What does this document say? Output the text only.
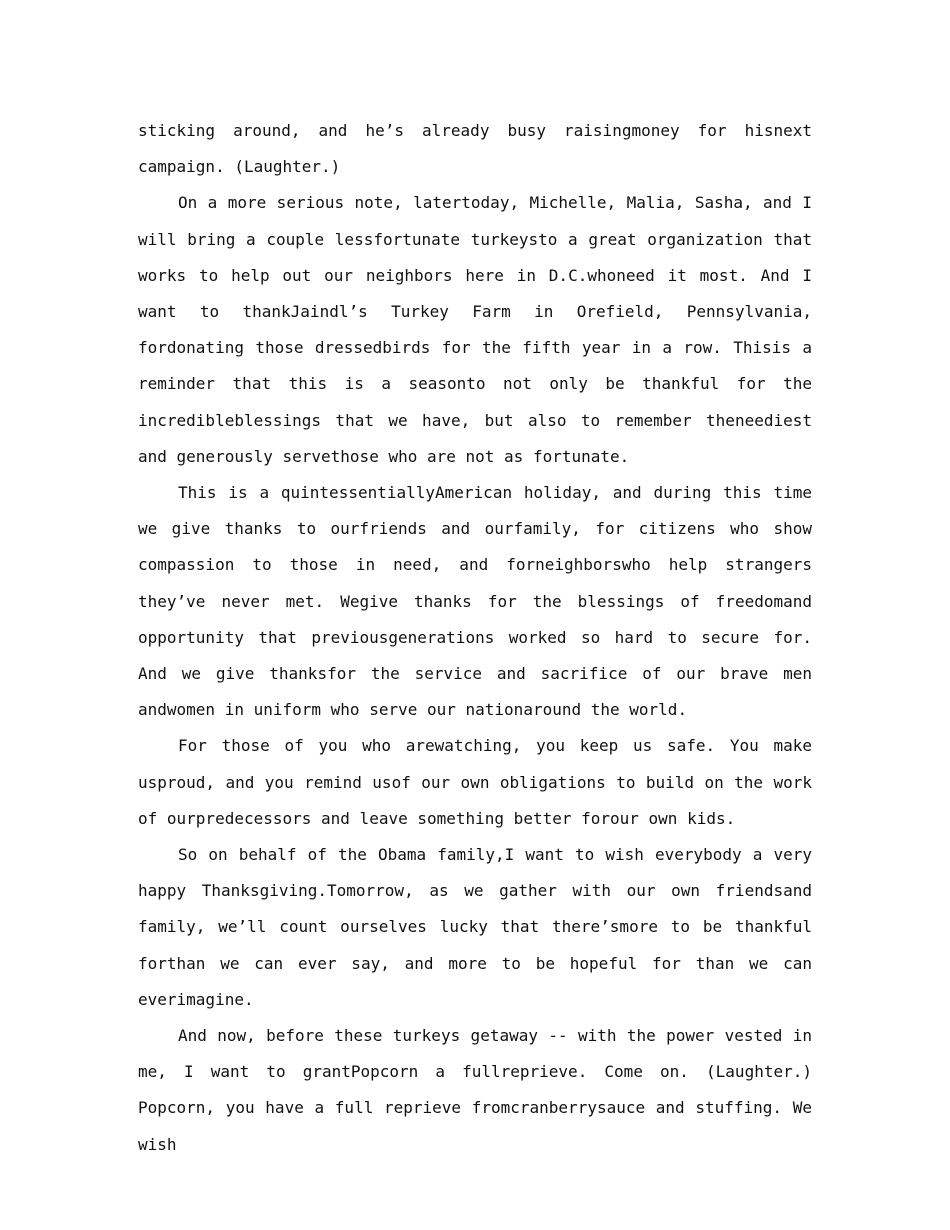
sticking around, and he’s already busy raisingmoney for hisnext campaign. (Laughter.)

On a more serious note, latertoday, Michelle, Malia, Sasha, and I will bring a couple lessfortunate turkeysto a great organization that works to help out our neighbors here in D.C.whoneed it most. And I want to thankJaindl’s Turkey Farm in Orefield, Pennsylvania, fordonating those dressedbirds for the fifth year in a row. Thisis a reminder that this is a seasonto not only be thankful for the incredibleblessings that we have, but also to remember theneediest and generously servethose who are not as fortunate.

This is a quintessentiallyAmerican holiday, and during this time we give thanks to ourfriends and ourfamily, for citizens who show compassion to those in need, and forneighborswho help strangers they’ve never met. Wegive thanks for the blessings of freedomand opportunity that previousgenerations worked so hard to secure for. And we give thanksfor the service and sacrifice of our brave men andwomen in uniform who serve our nationaround the world.

For those of you who arewatching, you keep us safe. You make usproud, and you remind usof our own obligations to build on the work of ourpredecessors and leave something better forour own kids.

So on behalf of the Obama family,I want to wish everybody a very happy Thanksgiving.Tomorrow, as we gather with our own friendsand family, we’ll count ourselves lucky that there’smore to be thankful forthan we can ever say, and more to be hopeful for than we can everimagine.

And now, before these turkeys getaway -- with the power vested in me, I want to grantPopcorn a fullreprieve. Come on. (Laughter.) Popcorn, you have a full reprieve fromcranberrysauce and stuffing. We wish
